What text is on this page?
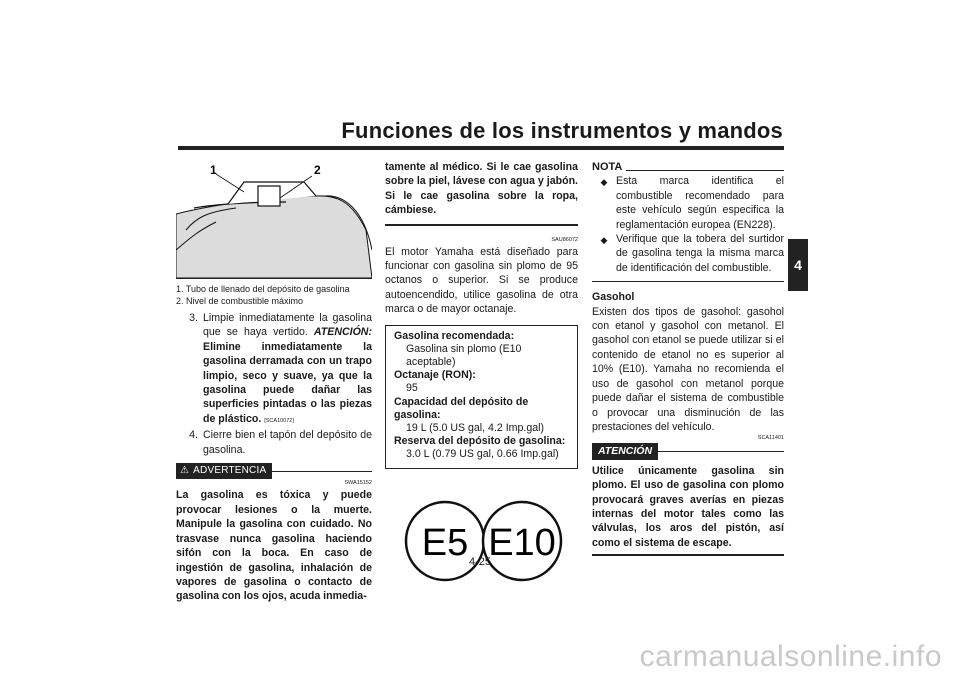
Funciones de los instrumentos y mandos
4
1	2
1. Tubo de llenado del depósito de gasolina
2. Nivel de combustible máximo
3. Limpie inmediatamente la gasolina que se haya vertido. ATENCIÓN: Elimine inmediatamente la gasolina derramada con un trapo limpio, seco y suave, ya que la gasolina puede dañar las superficies pintadas o las piezas de plástico. [SCA10072]
4. Cierre bien el tapón del depósito de gasolina.
⚠ ADVERTENCIA
SWA15152
La gasolina es tóxica y puede provocar lesiones o la muerte. Manipule la gasolina con cuidado. No trasvase nunca gasolina haciendo sifón con la boca. En caso de ingestión de gasolina, inhalación de vapores de gasolina o contacto de gasolina con los ojos, acuda inmedia-
tamente al médico. Si le cae gasolina sobre la piel, lávese con agua y jabón. Si le cae gasolina sobre la ropa, cámbiese.
SAU86072
El motor Yamaha está diseñado para funcionar con gasolina sin plomo de 95 octanos o superior. Si se produce autoencendido, utilice gasolina de otra marca o de mayor octanaje.
Gasolina recomendada:
Gasolina sin plomo (E10 aceptable)
Octanaje (RON):
95
Capacidad del depósito de gasolina:
19 L (5.0 US gal, 4.2 Imp.gal)
Reserva del depósito de gasolina:
3.0 L (0.79 US gal, 0.66 Imp.gal)
E5 E10
NOTA
◆ Esta marca identifica el combustible recomendado para este vehículo según especifica la reglamentación europea (EN228).
◆ Verifique que la tobera del surtidor de gasolina tenga la misma marca de identificación del combustible.
Gasohol
Existen dos tipos de gasohol: gasohol con etanol y gasohol con metanol. El gasohol con etanol se puede utilizar si el contenido de etanol no es superior al 10% (E10). Yamaha no recomienda el uso de gasohol con metanol porque puede dañar el sistema de combustible o provocar una disminución de las prestaciones del vehículo.
SCA11401
ATENCIÓN
Utilice únicamente gasolina sin plomo. El uso de gasolina con plomo provocará graves averías en piezas internas del motor tales como las válvulas, los aros del pistón, así como el sistema de escape.
4-25
carmanualsonline.info
